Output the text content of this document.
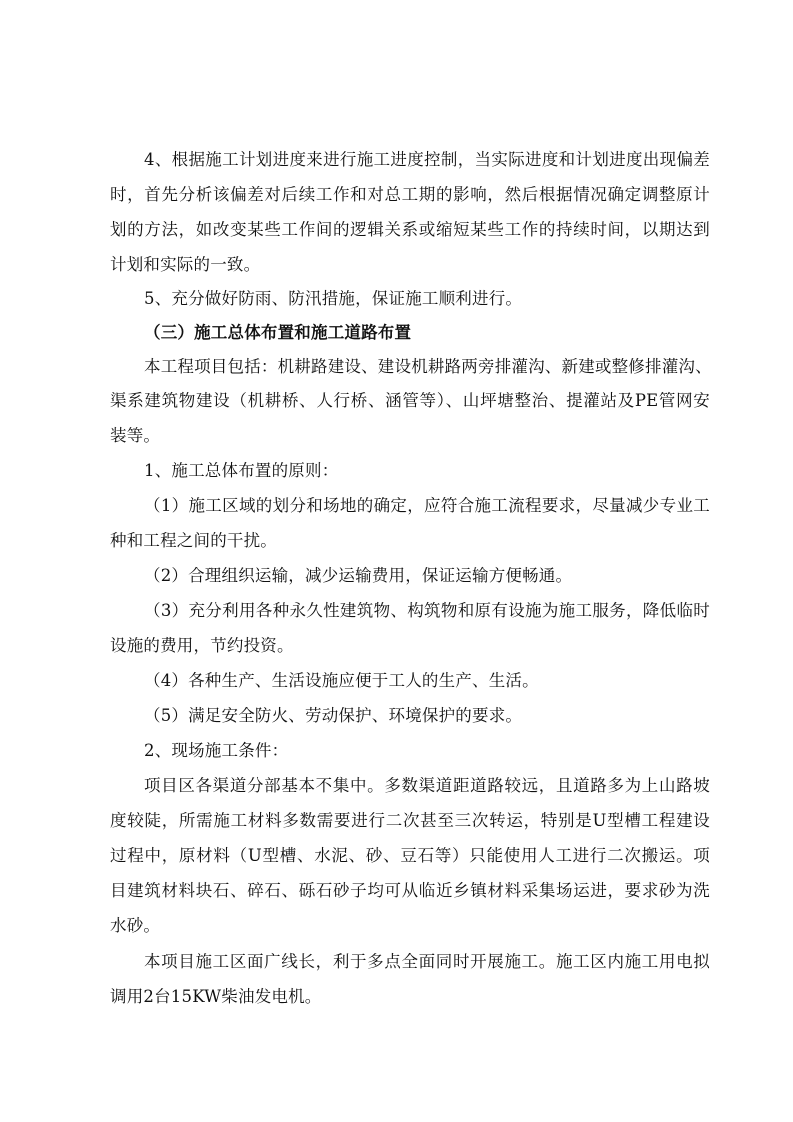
4、根据施工计划进度来进行施工进度控制，当实际进度和计划进度出现偏差
时，首先分析该偏差对后续工作和对总工期的影响，然后根据情况确定调整原计
划的方法，如改变某些工作间的逻辑关系或缩短某些工作的持续时间，以期达到
计划和实际的一致。
5、充分做好防雨、防汛措施，保证施工顺利进行。
（三）施工总体布置和施工道路布置
本工程项目包括：机耕路建设、建设机耕路两旁排灌沟、新建或整修排灌沟、
渠系建筑物建设（机耕桥、人行桥、涵管等）、山坪塘整治、提灌站及PE管网安
装等。
1、施工总体布置的原则：
（1）施工区域的划分和场地的确定，应符合施工流程要求，尽量减少专业工
种和工程之间的干扰。
（2）合理组织运输，减少运输费用，保证运输方便畅通。
（3）充分利用各种永久性建筑物、构筑物和原有设施为施工服务，降低临时
设施的费用，节约投资。
（4）各种生产、生活设施应便于工人的生产、生活。
（5）满足安全防火、劳动保护、环境保护的要求。
2、现场施工条件：
项目区各渠道分部基本不集中。多数渠道距道路较远，且道路多为上山路坡
度较陡，所需施工材料多数需要进行二次甚至三次转运，特别是U型槽工程建设
过程中，原材料（U型槽、水泥、砂、豆石等）只能使用人工进行二次搬运。项
目建筑材料块石、碎石、砾石砂子均可从临近乡镇材料采集场运进，要求砂为洗
水砂。
本项目施工区面广线长，利于多点全面同时开展施工。施工区内施工用电拟
调用2台15KW柴油发电机。
